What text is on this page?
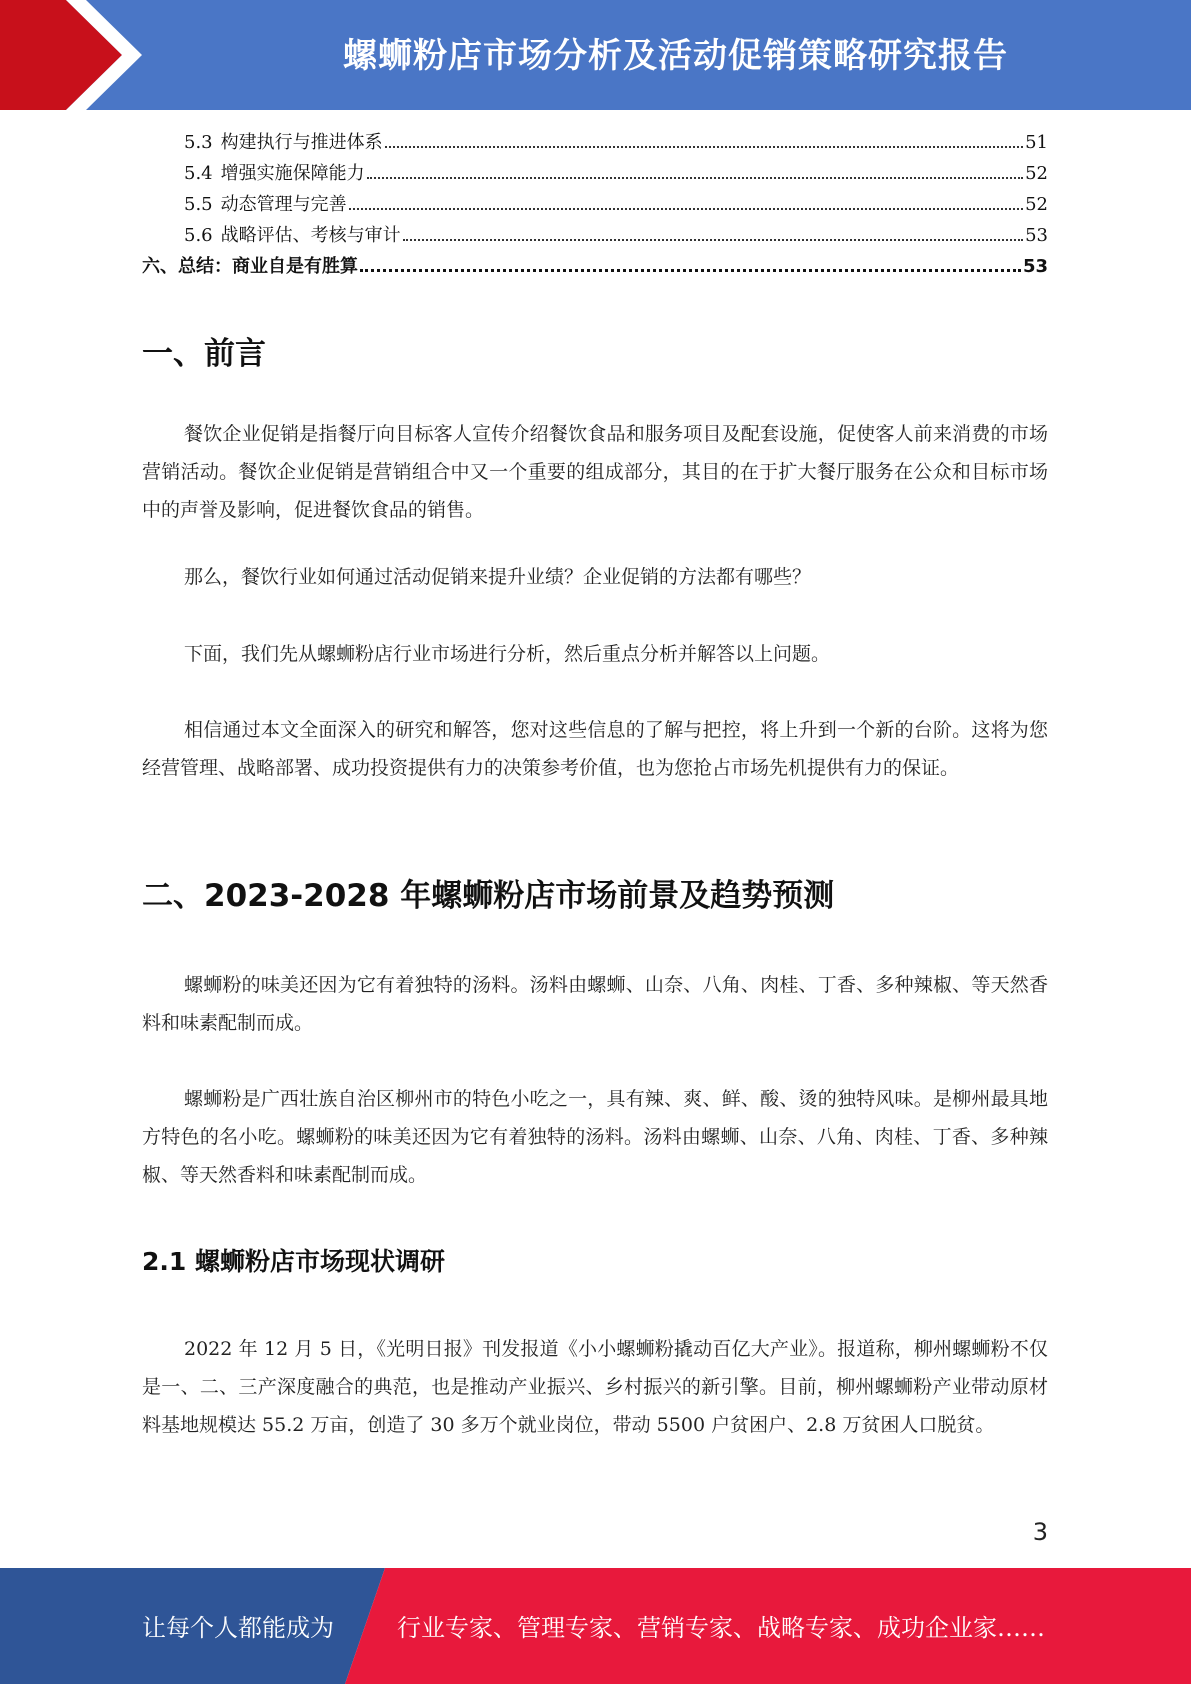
螺蛳粉店市场分析及活动促销策略研究报告
5.3 构建执行与推进体系	51
5.4 增强实施保障能力	52
5.5 动态管理与完善	52
5.6 战略评估、考核与审计	53
六、总结：商业自是有胜算	53
一、前言
餐饮企业促销是指餐厅向目标客人宣传介绍餐饮食品和服务项目及配套设施，促使客人前来消费的市场营销活动。餐饮企业促销是营销组合中又一个重要的组成部分，其目的在于扩大餐厅服务在公众和目标市场中的声誉及影响，促进餐饮食品的销售。
那么，餐饮行业如何通过活动促销来提升业绩？企业促销的方法都有哪些？
下面，我们先从螺蛳粉店行业市场进行分析，然后重点分析并解答以上问题。
相信通过本文全面深入的研究和解答，您对这些信息的了解与把控，将上升到一个新的台阶。这将为您经营管理、战略部署、成功投资提供有力的决策参考价值，也为您抢占市场先机提供有力的保证。
二、2023-2028 年螺蛳粉店市场前景及趋势预测
螺蛳粉的味美还因为它有着独特的汤料。汤料由螺蛳、山奈、八角、肉桂、丁香、多种辣椒、等天然香料和味素配制而成。
螺蛳粉是广西壮族自治区柳州市的特色小吃之一，具有辣、爽、鲜、酸、烫的独特风味。是柳州最具地方特色的名小吃。螺蛳粉的味美还因为它有着独特的汤料。汤料由螺蛳、山奈、八角、肉桂、丁香、多种辣椒、等天然香料和味素配制而成。
2.1 螺蛳粉店市场现状调研
2022 年 12 月 5 日，《光明日报》刊发报道《小小螺蛳粉撬动百亿大产业》。报道称，柳州螺蛳粉不仅是一、二、三产深度融合的典范，也是推动产业振兴、乡村振兴的新引擎。目前，柳州螺蛳粉产业带动原材料基地规模达 55.2 万亩，创造了 30 多万个就业岗位，带动 5500 户贫困户、2.8 万贫困人口脱贫。
3
让每个人都能成为	行业专家、管理专家、营销专家、战略专家、成功企业家……
